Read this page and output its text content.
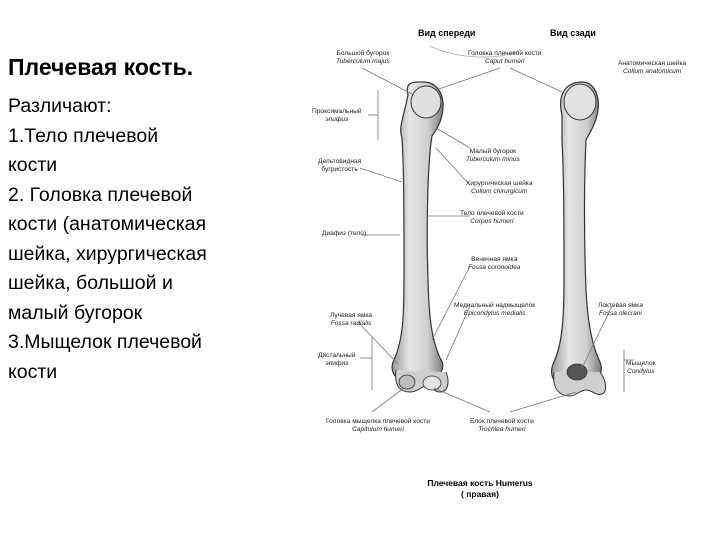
Плечевая кость.

Различают:

1.Тело плечевой

кости

2. Головка плечевой

кости (анатомическая

шейка, хирургическая

шейка, большой и

малый бугорок

3.Мыщелок плечевой

кости

Вид спереди	Вид сзади
Большой бугорок
Tuberculum majus
Головка плечевой кости
Caput humeri	Анатомическая шейка
Collum anatomicum
Проксимальный
эпифиз
Дельтовидная
бугристость
Малый бугорок
Tuberculum minus
Хирургическая шейка
Collum chirurgicum
Тело плечевой кости
Corpus humeri
Диафиз (тело)
Венечная ямка
Fossa coronoidea
Медиальный надмыщелок
Epicondylus medialis
Локтевая ямка
Fossa olecrani
Лучевая ямка
Fossa radialis
Дистальный
эпифиз	Мыщелок
Condylus
Головка мыщелка плечевой кости
Capitulum humeri
Блок плечевой кости
Trochlea humeri
Плечевая кость Humerus
( правая)
